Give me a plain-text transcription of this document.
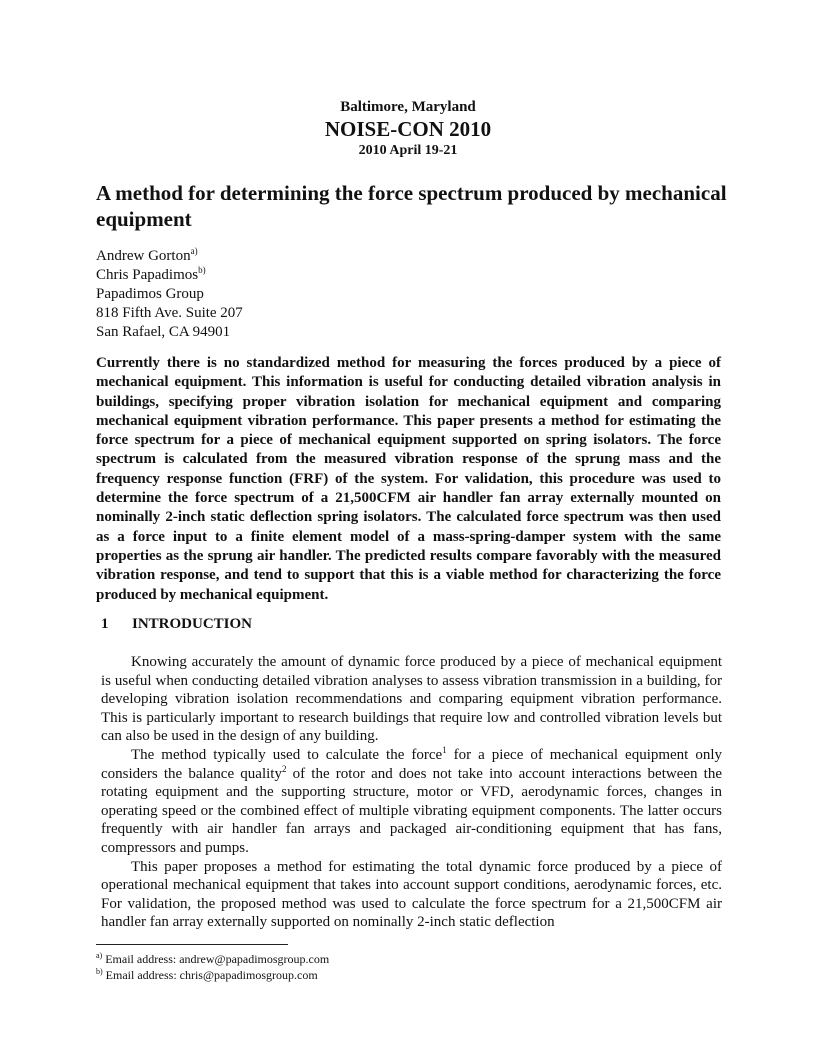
Baltimore, Maryland
NOISE-CON 2010
2010 April 19-21
A method for determining the force spectrum produced by mechanical equipment
Andrew Gorton$^{a)}$
Chris Papadimos$^{b)}$
Papadimos Group
818 Fifth Ave. Suite 207
San Rafael, CA 94901
Currently there is no standardized method for measuring the forces produced by a piece of mechanical equipment. This information is useful for conducting detailed vibration analysis in buildings, specifying proper vibration isolation for mechanical equipment and comparing mechanical equipment vibration performance. This paper presents a method for estimating the force spectrum for a piece of mechanical equipment supported on spring isolators. The force spectrum is calculated from the measured vibration response of the sprung mass and the frequency response function (FRF) of the system. For validation, this procedure was used to determine the force spectrum of a 21,500CFM air handler fan array externally mounted on nominally 2-inch static deflection spring isolators. The calculated force spectrum was then used as a force input to a finite element model of a mass-spring-damper system with the same properties as the sprung air handler. The predicted results compare favorably with the measured vibration response, and tend to support that this is a viable method for characterizing the force produced by mechanical equipment.
1 INTRODUCTION

Knowing accurately the amount of dynamic force produced by a piece of mechanical equipment is useful when conducting detailed vibration analyses to assess vibration transmission in a building, for developing vibration isolation recommendations and comparing equipment vibration performance. This is particularly important to research buildings that require low and controlled vibration levels but can also be used in the design of any building.

The method typically used to calculate the force$^1$ for a piece of mechanical equipment only considers the balance quality$^2$ of the rotor and does not take into account interactions between the rotating equipment and the supporting structure, motor or VFD, aerodynamic forces, changes in operating speed or the combined effect of multiple vibrating equipment components. The latter occurs frequently with air handler fan arrays and packaged air-conditioning equipment that has fans, compressors and pumps.

This paper proposes a method for estimating the total dynamic force produced by a piece of operational mechanical equipment that takes into account support conditions, aerodynamic forces, etc. For validation, the proposed method was used to calculate the force spectrum for a 21,500CFM air handler fan array externally supported on nominally 2-inch static deflection

$^{a)}$ Email address: andrew@papadimosgroup.com
$^{b)}$ Email address: chris@papadimosgroup.com
